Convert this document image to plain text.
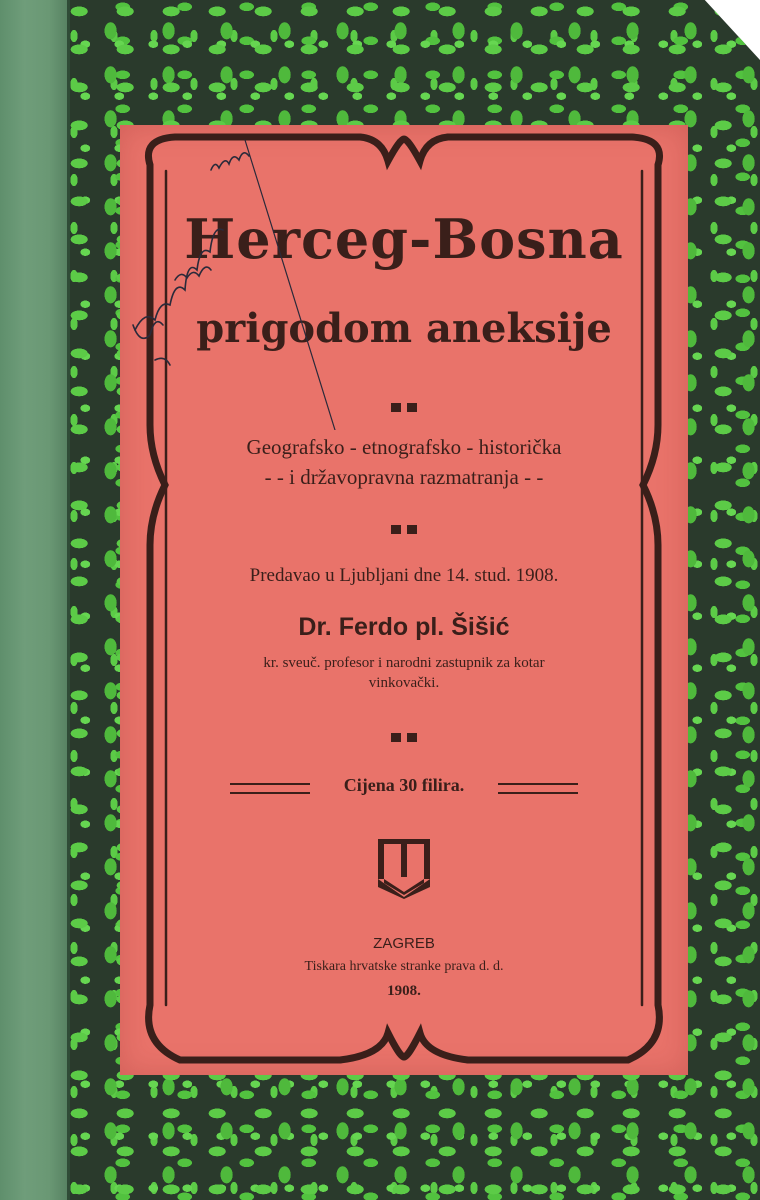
Herceg-Bosna
prigodom aneksije
Geografsko - etnografsko - historička
- - i državopravna razmatranja - -
Predavao u Ljubljani dne 14. stud. 1908.
Dr. Ferdo pl. Šišić
kr. sveuč. profesor i narodni zastupnik za kotar
vinkovački.
Cijena 30 filira.
ZAGREB
Tiskara hrvatske stranke prava d. d.
1908.
